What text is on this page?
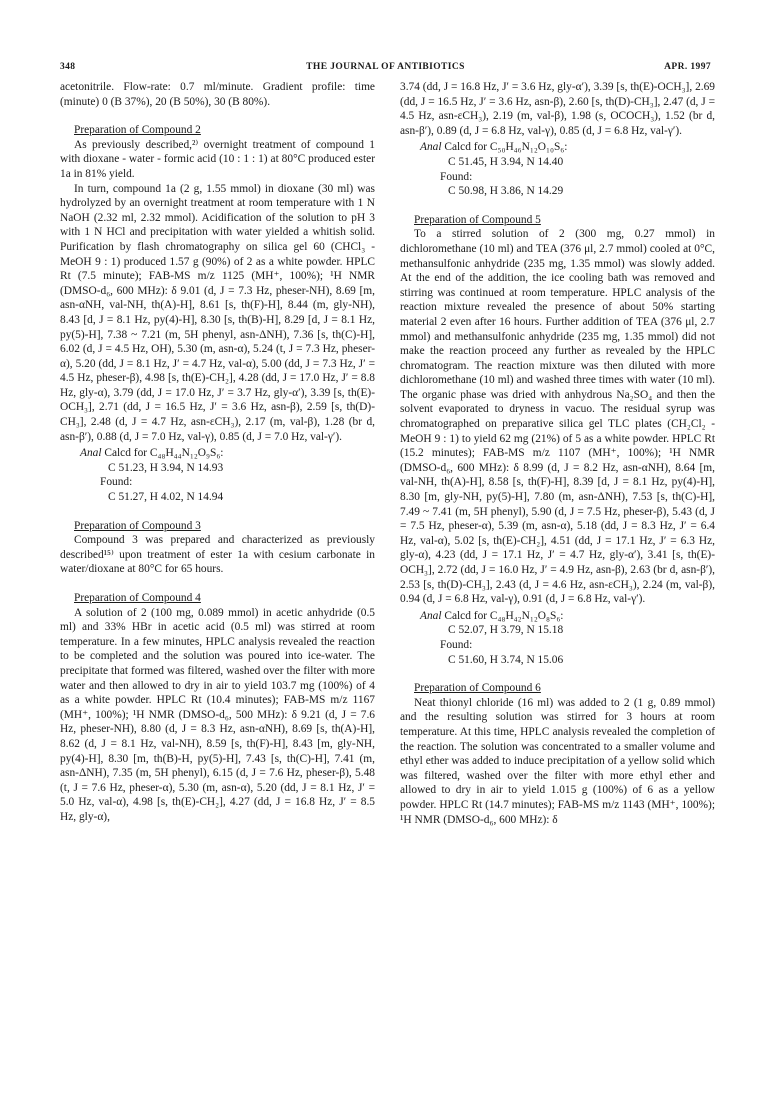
348	THE JOURNAL OF ANTIBIOTICS	APR. 1997

acetonitrile. Flow-rate: 0.7 ml/minute. Gradient profile: time (minute) 0 (B 37%), 20 (B 50%), 30 (B 80%).

Preparation of Compound 2

As previously described,²⁾ overnight treatment of compound 1 with dioxane - water - formic acid (10 : 1 : 1) at 80°C produced ester 1a in 81% yield.

In turn, compound 1a (2 g, 1.55 mmol) in dioxane (30 ml) was hydrolyzed by an overnight treatment at room temperature with 1 N NaOH (2.32 ml, 2.32 mmol). Acidification of the solution to pH 3 with 1 N HCl and precipitation with water yielded a whitish solid. Purification by flash chromatography on silica gel 60 (CHCl₃ - MeOH 9 : 1) produced 1.57 g (90%) of 2 as a white powder. HPLC Rt (7.5 minute); FAB-MS m/z 1125 (MH⁺, 100%); ¹H NMR (DMSO-d₆, 600 MHz): δ 9.01 (d, J = 7.3 Hz, pheser-NH), 8.69 [m, asn-αNH, val-NH, th(A)-H], 8.61 [s, th(F)-H], 8.44 (m, gly-NH), 8.43 [d, J = 8.1 Hz, py(4)-H], 8.30 [s, th(B)-H], 8.29 [d, J = 8.1 Hz, py(5)-H], 7.38 ~ 7.21 (m, 5H phenyl, asn-ΔNH), 7.36 [s, th(C)-H], 6.02 (d, J = 4.5 Hz, OH), 5.30 (m, asn-α), 5.24 (t, J = 7.3 Hz, pheser-α), 5.20 (dd, J = 8.1 Hz, J′ = 4.7 Hz, val-α), 5.00 (dd, J = 7.3 Hz, J′ = 4.5 Hz, pheser-β), 4.98 [s, th(E)-CH₂], 4.28 (dd, J = 17.0 Hz, J′ = 8.8 Hz, gly-α), 3.79 (dd, J = 17.0 Hz, J′ = 3.7 Hz, gly-α′), 3.39 [s, th(E)-OCH₃], 2.71 (dd, J = 16.5 Hz, J′ = 3.6 Hz, asn-β), 2.59 [s, th(D)-CH₃], 2.48 (d, J = 4.7 Hz, asn-εCH₃), 2.17 (m, val-β), 1.28 (br d, asn-β′), 0.88 (d, J = 7.0 Hz, val-γ), 0.85 (d, J = 7.0 Hz, val-γ′).

Anal Calcd for C₄₈H₄₄N₁₂O₉S₆:
C 51.23, H 3.94, N 14.93
Found:
C 51.27, H 4.02, N 14.94

Preparation of Compound 3

Compound 3 was prepared and characterized as previously described¹⁵⁾ upon treatment of ester 1a with cesium carbonate in water/dioxane at 80°C for 65 hours.

Preparation of Compound 4

A solution of 2 (100 mg, 0.089 mmol) in acetic anhydride (0.5 ml) and 33% HBr in acetic acid (0.5 ml) was stirred at room temperature. In a few minutes, HPLC analysis revealed the reaction to be completed and the solution was poured into ice-water. The precipitate that formed was filtered, washed over the filter with more water and then allowed to dry in air to yield 103.7 mg (100%) of 4 as a white powder. HPLC Rt (10.4 minutes); FAB-MS m/z 1167 (MH⁺, 100%); ¹H NMR (DMSO-d₆, 500 MHz): δ 9.21 (d, J = 7.6 Hz, pheser-NH), 8.80 (d, J = 8.3 Hz, asn-αNH), 8.69 [s, th(A)-H], 8.62 (d, J = 8.1 Hz, val-NH), 8.59 [s, th(F)-H], 8.43 [m, gly-NH, py(4)-H], 8.30 [m, th(B)-H, py(5)-H], 7.43 [s, th(C)-H], 7.41 (m, asn-ΔNH), 7.35 (m, 5H phenyl), 6.15 (d, J = 7.6 Hz, pheser-β), 5.48 (t, J = 7.6 Hz, pheser-α), 5.30 (m, asn-α), 5.20 (dd, J = 8.1 Hz, J′ = 5.0 Hz, val-α), 4.98 [s, th(E)-CH₂], 4.27 (dd, J = 16.8 Hz, J′ = 8.5 Hz, gly-α),

3.74 (dd, J = 16.8 Hz, J′ = 3.6 Hz, gly-α′), 3.39 [s, th(E)-OCH₃], 2.69 (dd, J = 16.5 Hz, J′ = 3.6 Hz, asn-β), 2.60 [s, th(D)-CH₃], 2.47 (d, J = 4.5 Hz, asn-εCH₃), 2.19 (m, val-β), 1.98 (s, OCOCH₃), 1.52 (br d, asn-β′), 0.89 (d, J = 6.8 Hz, val-γ), 0.85 (d, J = 6.8 Hz, val-γ′).

Anal Calcd for C₅₀H₄₆N₁₂O₁₀S₆:
C 51.45, H 3.94, N 14.40
Found:
C 50.98, H 3.86, N 14.29

Preparation of Compound 5

To a stirred solution of 2 (300 mg, 0.27 mmol) in dichloromethane (10 ml) and TEA (376 μl, 2.7 mmol) cooled at 0°C, methansulfonic anhydride (235 mg, 1.35 mmol) was slowly added. At the end of the addition, the ice cooling bath was removed and stirring was continued at room temperature. HPLC analysis of the reaction mixture revealed the presence of about 50% starting material 2 even after 16 hours. Further addition of TEA (376 μl, 2.7 mmol) and methansulfonic anhydride (235 mg, 1.35 mmol) did not make the reaction proceed any further as revealed by the HPLC chromatogram. The reaction mixture was then diluted with more dichloromethane (10 ml) and washed three times with water (10 ml). The organic phase was dried with anhydrous Na₂SO₄ and then the solvent evaporated to dryness in vacuo. The residual syrup was chromatographed on preparative silica gel TLC plates (CH₂Cl₂ - MeOH 9 : 1) to yield 62 mg (21%) of 5 as a white powder. HPLC Rt (15.2 minutes); FAB-MS m/z 1107 (MH⁺, 100%); ¹H NMR (DMSO-d₆, 600 MHz): δ 8.99 (d, J = 8.2 Hz, asn-αNH), 8.64 [m, val-NH, th(A)-H], 8.58 [s, th(F)-H], 8.39 [d, J = 8.1 Hz, py(4)-H], 8.30 [m, gly-NH, py(5)-H], 7.80 (m, asn-ΔNH), 7.53 [s, th(C)-H], 7.49 ~ 7.41 (m, 5H phenyl), 5.90 (d, J = 7.5 Hz, pheser-β), 5.43 (d, J = 7.5 Hz, pheser-α), 5.39 (m, asn-α), 5.18 (dd, J = 8.3 Hz, J′ = 6.4 Hz, val-α), 5.02 [s, th(E)-CH₂], 4.51 (dd, J = 17.1 Hz, J′ = 6.3 Hz, gly-α), 4.23 (dd, J = 17.1 Hz, J′ = 4.7 Hz, gly-α′), 3.41 [s, th(E)-OCH₃], 2.72 (dd, J = 16.0 Hz, J′ = 4.9 Hz, asn-β), 2.63 (br d, asn-β′), 2.53 [s, th(D)-CH₃], 2.43 (d, J = 4.6 Hz, asn-εCH₃), 2.24 (m, val-β), 0.94 (d, J = 6.8 Hz, val-γ), 0.91 (d, J = 6.8 Hz, val-γ′).

Anal Calcd for C₄₈H₄₂N₁₂O₈S₆:
C 52.07, H 3.79, N 15.18
Found:
C 51.60, H 3.74, N 15.06

Preparation of Compound 6

Neat thionyl chloride (16 ml) was added to 2 (1 g, 0.89 mmol) and the resulting solution was stirred for 3 hours at room temperature. At this time, HPLC analysis revealed the completion of the reaction. The solution was concentrated to a smaller volume and ethyl ether was added to induce precipitation of a yellow solid which was filtered, washed over the filter with more ethyl ether and allowed to dry in air to yield 1.015 g (100%) of 6 as a yellow powder. HPLC Rt (14.7 minutes); FAB-MS m/z 1143 (MH⁺, 100%); ¹H NMR (DMSO-d₆, 600 MHz): δ
